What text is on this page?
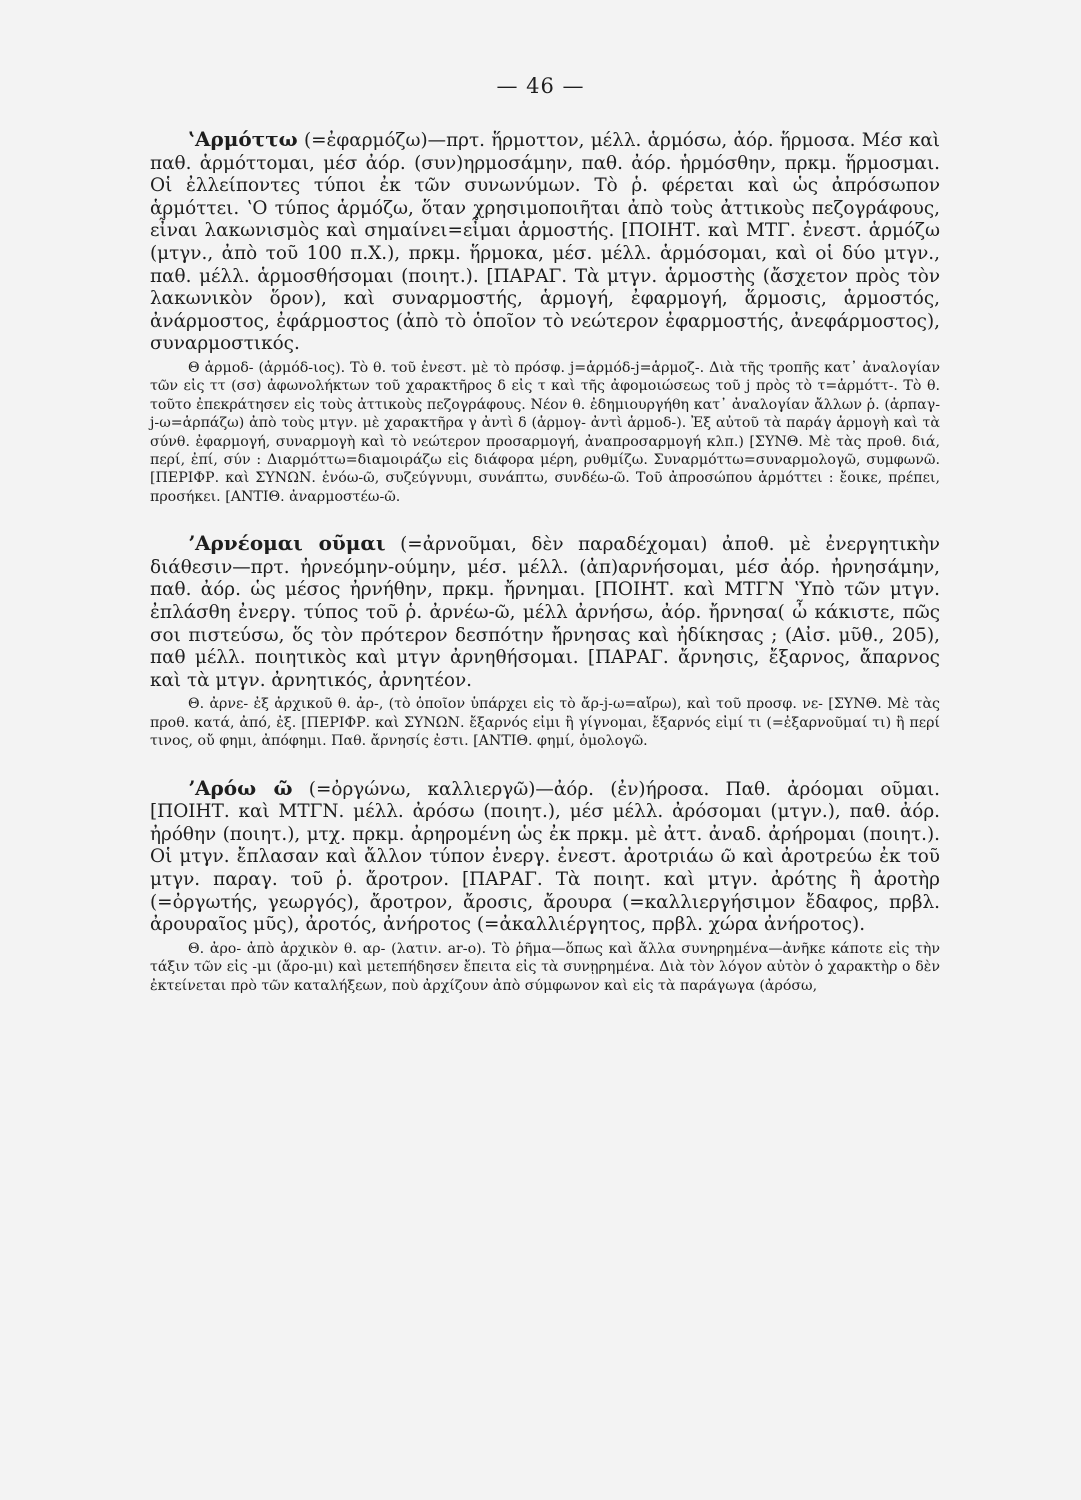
— 46 —

ʽΑρμόττω (=ἐφαρμόζω)—πρτ. ἥρμοττον, μέλλ. ἁρμόσω, ἀόρ. ἥρμοσα. Μέσ καὶ παθ. ἁρμόττομαι, μέσ ἀόρ. (συν)ηρμοσάμην, παθ. ἀόρ. ἡρμόσθην, πρκμ. ἥρμοσμαι. Οἱ ἐλλείποντες τύποι ἐκ τῶν συνωνύμων. Τὸ ῥ. φέρεται καὶ ὡς ἀπρόσωπον ἁρμόττει. ʽΟ τύπος ἁρμόζω, ὅταν χρησιμοποιῆται ἀπὸ τοὺς ἀττικοὺς πεζογράφους, εἶναι λακωνισμὸς καὶ σημαίνει=εἶμαι ἁρμοστής. [ΠΟΙΗΤ. καὶ ΜΤΓ. ἐνεστ. ἁρμόζω (μτγν., ἀπὸ τοῦ 100 π.Χ.), πρκμ. ἥρμοκα, μέσ. μέλλ. ἁρμόσομαι, καὶ οἱ δύο μτγν., παθ. μέλλ. ἁρμοσθήσομαι (ποιητ.). [ΠΑΡΑΓ. Τὰ μτγν. ἁρμοστὴς (ἄσχετον πρὸς τὸν λακωνικὸν ὅρον), καὶ συναρμοστής, ἁρμογή, ἐφαρμογή, ἅρμοσις, ἁρμοστός, ἀνάρμοστος, ἐφάρμοστος (ἀπὸ τὸ ὁποῖον τὸ νεώτερον ἐφαρμοστής, ἀνεφάρμοστος), συναρμοστικός.

Θ ἁρμοδ- (ἁρμόδ-ιος). Τὸ θ. τοῦ ἐνεστ. μὲ τὸ πρόσφ. j=ἁρμόδ-j=ἁρμοζ-. Διὰ τῆς τροπῆς κατ᾽ ἀναλογίαν τῶν εἰς ττ (σσ) ἀφωνολήκτων τοῦ χαρακτῆρος δ εἰς τ καὶ τῆς ἀφομοιώσεως τοῦ j πρὸς τὸ τ=ἁρμόττ-. Τὸ θ. τοῦτο ἐπεκράτησεν εἰς τοὺς ἀττικοὺς πεζογράφους. Νέον θ. ἐδημιουργήθη κατ᾽ ἀναλογίαν ἄλλων ῥ. (ἁρπαγ-j-ω=ἁρπάζω) ἀπὸ τοὺς μτγν. μὲ χαρακτῆρα γ ἀντὶ δ (ἁρμογ- ἀντὶ ἁρμοδ-). Ἐξ αὐτοῦ τὰ παράγ ἁρμογὴ καὶ τὰ σύνθ. ἐφαρμογή, συναρμογὴ καὶ τὸ νεώτερον προσαρμογή, ἀναπροσαρμογή κλπ.) [ΣΥΝΘ. Μὲ τὰς προθ. διά, περί, ἐπί, σύν : Διαρμόττω=διαμοιράζω εἰς διάφορα μέρη, ρυθμίζω. Συναρμόττω=συναρμολογῶ, συμφωνῶ. [ΠΕΡΙΦΡ. καὶ ΣΥΝΩΝ. ἑνόω-ῶ, συζεύγνυμι, συνάπτω, συνδέω-ῶ. Τοῦ ἀπροσώπου ἁρμόττει : ἔοικε, πρέπει, προσήκει. [ΑΝΤΙΘ. ἀναρμοστέω-ῶ.

ʼΑρνέομαι οῦμαι (=ἀρνοῦμαι, δὲν παραδέχομαι) ἀποθ. μὲ ἐνεργητικὴν διάθεσιν—πρτ. ἠρνεόμην-ούμην, μέσ. μέλλ. (ἀπ)αρνήσομαι, μέσ ἀόρ. ἠρνησάμην, παθ. ἀόρ. ὡς μέσος ἠρνήθην, πρκμ. ἤρνημαι. [ΠΟΙΗΤ. καὶ ΜΤΓΝ ʽΥπὸ τῶν μτγν. ἐπλάσθη ἐνεργ. τύπος τοῦ ῥ. ἀρνέω-ῶ, μέλλ ἀρνήσω, ἀόρ. ἤρνησα( ὦ κάκιστε, πῶς σοι πιστεύσω, ὅς τὸν πρότερον δεσπότην ἤρνησας καὶ ἠδίκησας ; (Αἰσ. μῦθ., 205), παθ μέλλ. ποιητικὸς καὶ μτγν ἀρνηθήσομαι. [ΠΑΡΑΓ. ἄρνησις, ἔξαρνος, ἄπαρνος καὶ τὰ μτγν. ἀρνητικός, ἀρνητέον.

Θ. ἀρνε- ἐξ ἀρχικοῦ θ. ἀρ-, (τὸ ὁποῖον ὑπάρχει εἰς τὸ ἄρ-j-ω=αἴρω), καὶ τοῦ προσφ. νε- [ΣΥΝΘ. Μὲ τὰς προθ. κατά, ἀπό, ἐξ. [ΠΕΡΙΦΡ. καὶ ΣΥΝΩΝ. ἔξαρνός εἰμι ἢ γίγνομαι, ἔξαρνός εἰμί τι (=ἐξαρνοῦμαί τι) ἢ περί τινος, οὔ φημι, ἀπόφημι. Παθ. ἄρνησίς ἐστι. [ΑΝΤΙΘ. φημί, ὁμολογῶ.

ʼΑρόω ῶ (=ὀργώνω, καλλιεργῶ)—ἀόρ. (ἐν)ήροσα. Παθ. ἀρόομαι οῦμαι. [ΠΟΙΗΤ. καὶ ΜΤΓΝ. μέλλ. ἀρόσω (ποιητ.), μέσ μέλλ. ἀρόσομαι (μτγν.), παθ. ἀόρ. ἠρόθην (ποιητ.), μτχ. πρκμ. ἀρηρομένη ὡς ἐκ πρκμ. μὲ ἀττ. ἀναδ. ἀρήρομαι (ποιητ.). Οἱ μτγν. ἔπλασαν καὶ ἄλλον τύπον ἐνεργ. ἐνεστ. ἀροτριάω ῶ καὶ ἀροτρεύω ἐκ τοῦ μτγν. παραγ. τοῦ ῥ. ἄροτρον. [ΠΑΡΑΓ. Τὰ ποιητ. καὶ μτγν. ἀρότης ἢ ἀροτὴρ (=ὀργωτής, γεωργός), ἄροτρον, ἄροσις, ἄρουρα (=καλλιεργήσιμον ἔδαφος, πρβλ. ἀρουραῖος μῦς), ἀροτός, ἀνήροτος (=ἀκαλλιέργητος, πρβλ. χώρα ἀνήροτος).

Θ. ἀρο- ἀπὸ ἀρχικὸν θ. αρ- (λατιν. ar-o). Τὸ ῥῆμα—ὅπως καὶ ἄλλα συνηρημένα—ἀνῆκε κάποτε εἰς τὴν τάξιν τῶν εἰς -μι (ἄρο-μι) καὶ μετεπήδησεν ἔπειτα εἰς τὰ συνῃρημένα. Διὰ τὸν λόγον αὐτὸν ὁ χαρακτὴρ ο δὲν ἐκτείνεται πρὸ τῶν καταλήξεων, ποὺ ἀρχίζουν ἀπὸ σύμφωνον καὶ εἰς τὰ παράγωγα (ἀρόσω,
